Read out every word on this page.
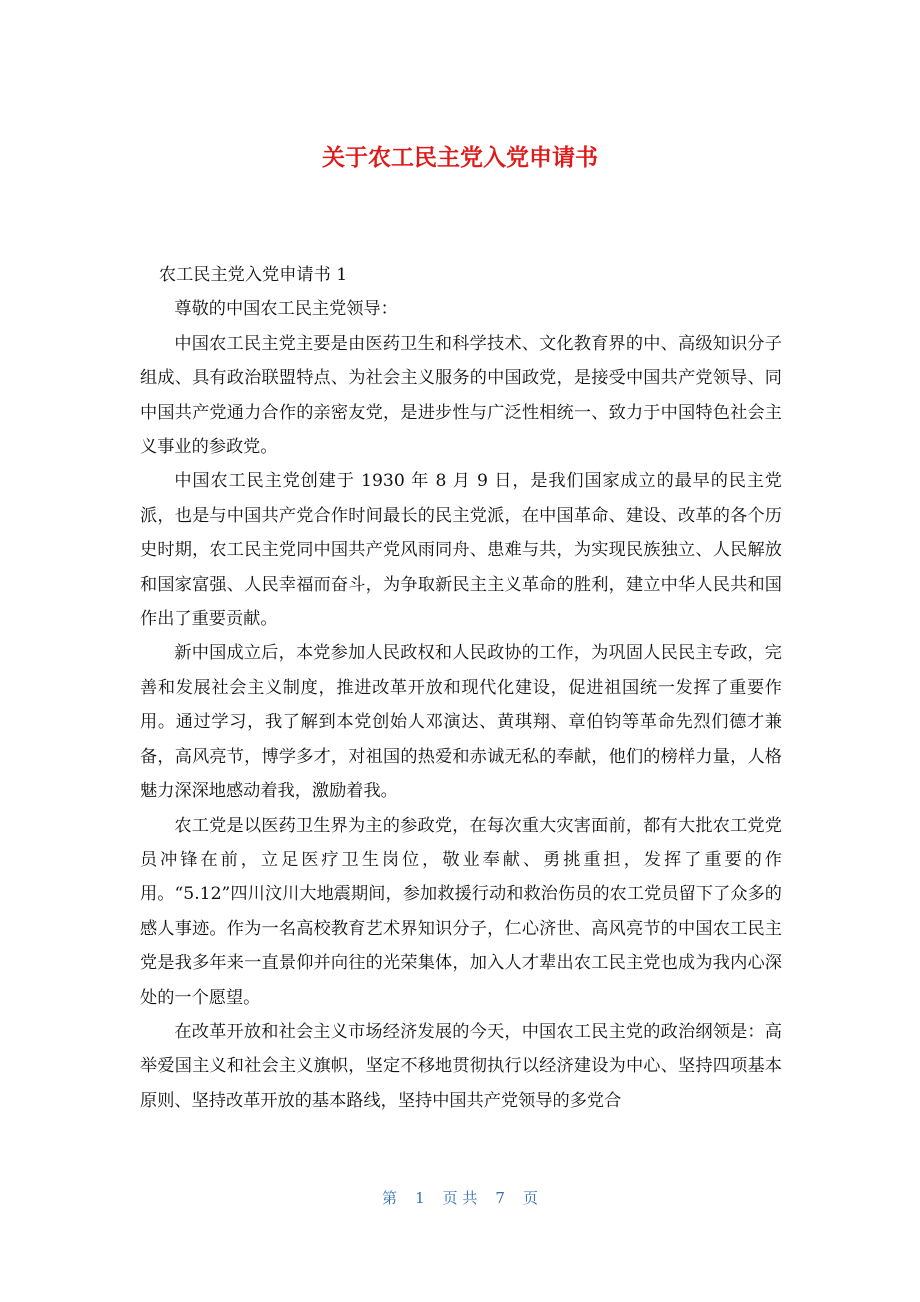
关于农工民主党入党申请书

农工民主党入党申请书 1

尊敬的中国农工民主党领导：

中国农工民主党主要是由医药卫生和科学技术、文化教育界的中、高级知识分子组成、具有政治联盟特点、为社会主义服务的中国政党，是接受中国共产党领导、同中国共产党通力合作的亲密友党，是进步性与广泛性相统一、致力于中国特色社会主义事业的参政党。

中国农工民主党创建于 1930 年 8 月 9 日，是我们国家成立的最早的民主党派，也是与中国共产党合作时间最长的民主党派，在中国革命、建设、改革的各个历史时期，农工民主党同中国共产党风雨同舟、患难与共，为实现民族独立、人民解放和国家富强、人民幸福而奋斗，为争取新民主主义革命的胜利，建立中华人民共和国作出了重要贡献。

新中国成立后，本党参加人民政权和人民政协的工作，为巩固人民民主专政，完善和发展社会主义制度，推进改革开放和现代化建设，促进祖国统一发挥了重要作用。通过学习，我了解到本党创始人邓演达、黄琪翔、章伯钧等革命先烈们德才兼备，高风亮节，博学多才，对祖国的热爱和赤诚无私的奉献，他们的榜样力量，人格魅力深深地感动着我，激励着我。

农工党是以医药卫生界为主的参政党，在每次重大灾害面前，都有大批农工党党员冲锋在前，立足医疗卫生岗位，敬业奉献、勇挑重担，发挥了重要的作用。“5.12”四川汶川大地震期间，参加救援行动和救治伤员的农工党员留下了众多的感人事迹。作为一名高校教育艺术界知识分子，仁心济世、高风亮节的中国农工民主党是我多年来一直景仰并向往的光荣集体，加入人才辈出农工民主党也成为我内心深处的一个愿望。

在改革开放和社会主义市场经济发展的今天，中国农工民主党的政治纲领是：高举爱国主义和社会主义旗帜，坚定不移地贯彻执行以经济建设为中心、坚持四项基本原则、坚持改革开放的基本路线，坚持中国共产党领导的多党合

第 1 页 共 7 页
